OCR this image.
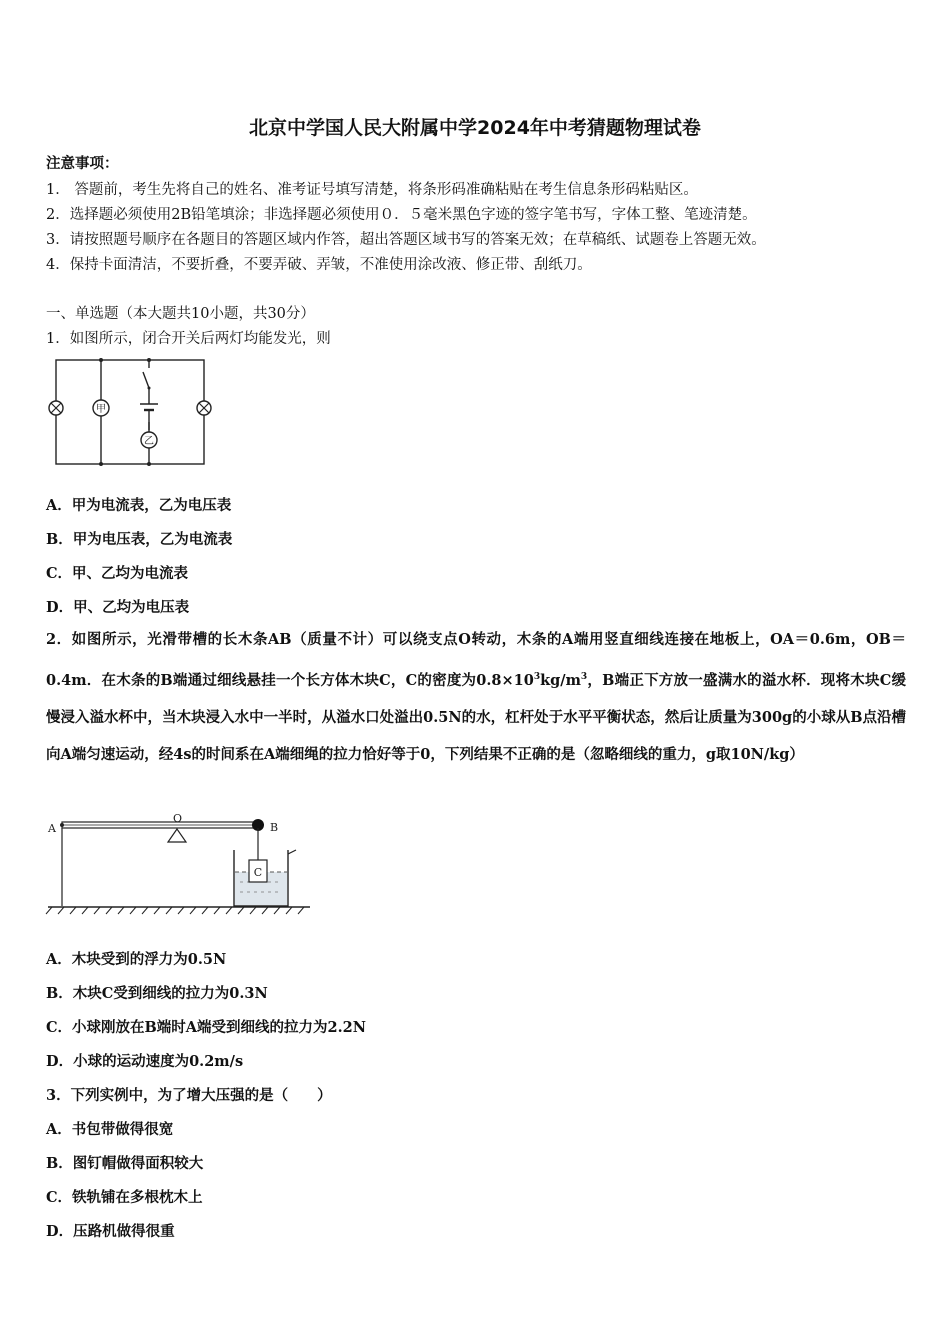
北京中学国人民大附属中学2024年中考猜题物理试卷
注意事项：
1． 答题前，考生先将自己的姓名、准考证号填写清楚，将条形码准确粘贴在考生信息条形码粘贴区。
2．选择题必须使用2B铅笔填涂；非选择题必须使用０．５毫米黑色字迹的签字笔书写，字体工整、笔迹清楚。
3．请按照题号顺序在各题目的答题区域内作答，超出答题区域书写的答案无效；在草稿纸、试题卷上答题无效。
4．保持卡面清洁，不要折叠，不要弄破、弄皱，不准使用涂改液、修正带、刮纸刀。
一、单选题（本大题共10小题，共30分）
1．如图所示，闭合开关后两灯均能发光，则
甲
乙
A．甲为电流表，乙为电压表
B．甲为电压表，乙为电流表
C．甲、乙均为电流表
D．甲、乙均为电压表
2．如图所示，光滑带槽的长木条AB（质量不计）可以绕支点O转动，木条的A端用竖直细线连接在地板上，OA＝0.6m，OB＝0.4m．在木条的B端通过细线悬挂一个长方体木块C，C的密度为$0.8\times 10^3kg/m^3$，B端正下方放一盛满水的溢水杯．现将木块C缓慢浸入溢水杯中，当木块浸入水中一半时，从溢水口处溢出0.5N的水，杠杆处于水平平衡状态，然后让质量为300g的小球从B点沿槽向A端匀速运动，经4s的时间系在A端细绳的拉力恰好等于0，下列结果不正确的是（忽略细线的重力，g取10N/kg）
A
O
B
C
A．木块受到的浮力为0.5N
B．木块C受到细线的拉力为0.3N
C．小球刚放在B端时A端受到细线的拉力为2.2N
D．小球的运动速度为0.2m/s
3．下列实例中，为了增大压强的是（　　）
A．书包带做得很宽
B．图钉帽做得面积较大
C．铁轨铺在多根枕木上
D．压路机做得很重
